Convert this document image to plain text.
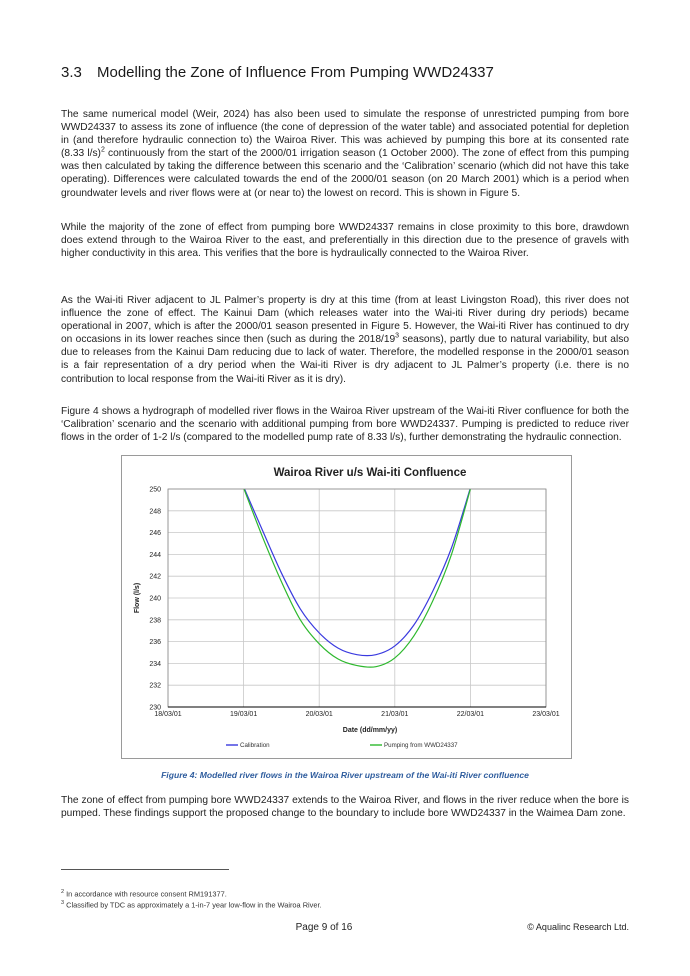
3.3 Modelling the Zone of Influence From Pumping WWD24337

The same numerical model (Weir, 2024) has also been used to simulate the response of unrestricted pumping from bore WWD24337 to assess its zone of influence (the cone of depression of the water table) and associated potential for depletion in (and therefore hydraulic connection to) the Wairoa River. This was achieved by pumping this bore at its consented rate (8.33 l/s)$^2$ continuously from the start of the 2000/01 irrigation season (1 October 2000). The zone of effect from this pumping was then calculated by taking the difference between this scenario and the ‘Calibration’ scenario (which did not have this take operating). Differences were calculated towards the end of the 2000/01 season (on 20 March 2001) which is a period when groundwater levels and river flows were at (or near to) the lowest on record. This is shown in Figure 5.

While the majority of the zone of effect from pumping bore WWD24337 remains in close proximity to this bore, drawdown does extend through to the Wairoa River to the east, and preferentially in this direction due to the presence of gravels with higher conductivity in this area. This verifies that the bore is hydraulically connected to the Wairoa River.

As the Wai-iti River adjacent to JL Palmer’s property is dry at this time (from at least Livingston Road), this river does not influence the zone of effect. The Kainui Dam (which releases water into the Wai-iti River during dry periods) became operational in 2007, which is after the 2000/01 season presented in Figure 5. However, the Wai-iti River has continued to dry on occasions in its lower reaches since then (such as during the $2018/19^3$ seasons), partly due to natural variability, but also due to releases from the Kainui Dam reducing due to lack of water. Therefore, the modelled response in the 2000/01 season is a fair representation of a dry period when the Wai-iti River is dry adjacent to JL Palmer’s property (i.e. there is no contribution to local response from the Wai-iti River as it is dry).

Figure 4 shows a hydrograph of modelled river flows in the Wairoa River upstream of the Wai-iti River confluence for both the ‘Calibration’ scenario and the scenario with additional pumping from bore WWD24337. Pumping is predicted to reduce river flows in the order of 1-2 l/s (compared to the modelled pump rate of 8.33 l/s), further demonstrating the hydraulic connection.

Wairoa River u/s Wai-iti Confluence
230
232
234
236
238
240
242
244
246
248
250
18/03/01	19/03/01	20/03/01	21/03/01	22/03/01	23/03/01
Date (dd/mm/yy)
Flow (l/s)
Calibration	Pumping from WWD24337
Figure 4: Modelled river flows in the Wairoa River upstream of the Wai-iti River confluence

The zone of effect from pumping bore WWD24337 extends to the Wairoa River, and flows in the river reduce when the bore is pumped. These findings support the proposed change to the boundary to include bore WWD24337 in the Waimea Dam zone.

$^2$ In accordance with resource consent RM191377.
$^3$ Classified by TDC as approximately a 1-in-7 year low-flow in the Wairoa River.
Page 9 of 16	© Aqualinc Research Ltd.
